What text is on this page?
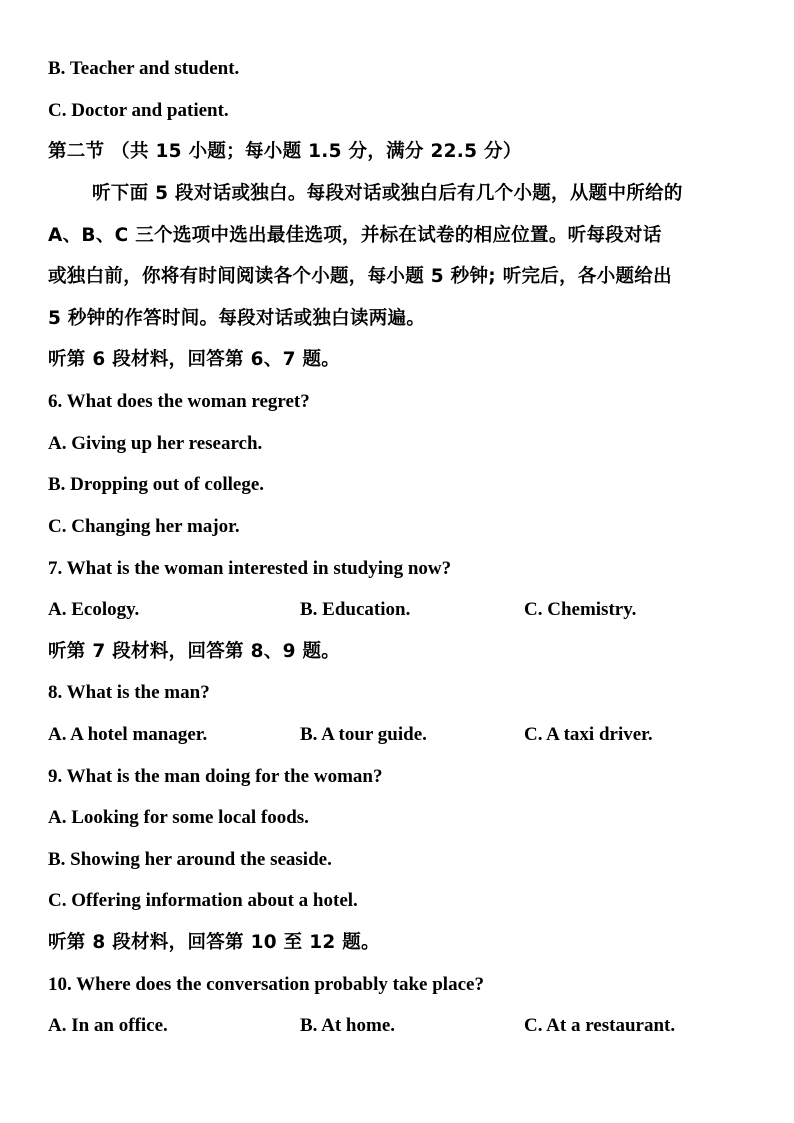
B. Teacher and student.
C. Doctor and patient.
第二节 （共 15 小题；每小题 1.5 分，满分 22.5 分）
听下面 5 段对话或独白。每段对话或独白后有几个小题，从题中所给的
A、B、C 三个选项中选出最佳选项，并标在试卷的相应位置。听每段对话
或独白前，你将有时间阅读各个小题，每小题 5 秒钟; 听完后，各小题给出
5 秒钟的作答时间。每段对话或独白读两遍。
听第 6 段材料，回答第 6、7 题。
6. What does the woman regret?
A. Giving up her research.
B. Dropping out of college.
C. Changing her major.
7. What is the woman interested in studying now?
A. Ecology.	B. Education.	C. Chemistry.
听第 7 段材料，回答第 8、9 题。
8. What is the man?
A. A hotel manager.	B. A tour guide.	C. A taxi driver.
9. What is the man doing for the woman?
A. Looking for some local foods.
B. Showing her around the seaside.
C. Offering information about a hotel.
听第 8 段材料，回答第 10 至 12 题。
10. Where does the conversation probably take place?
A. In an office.	B. At home.	C. At a restaurant.
